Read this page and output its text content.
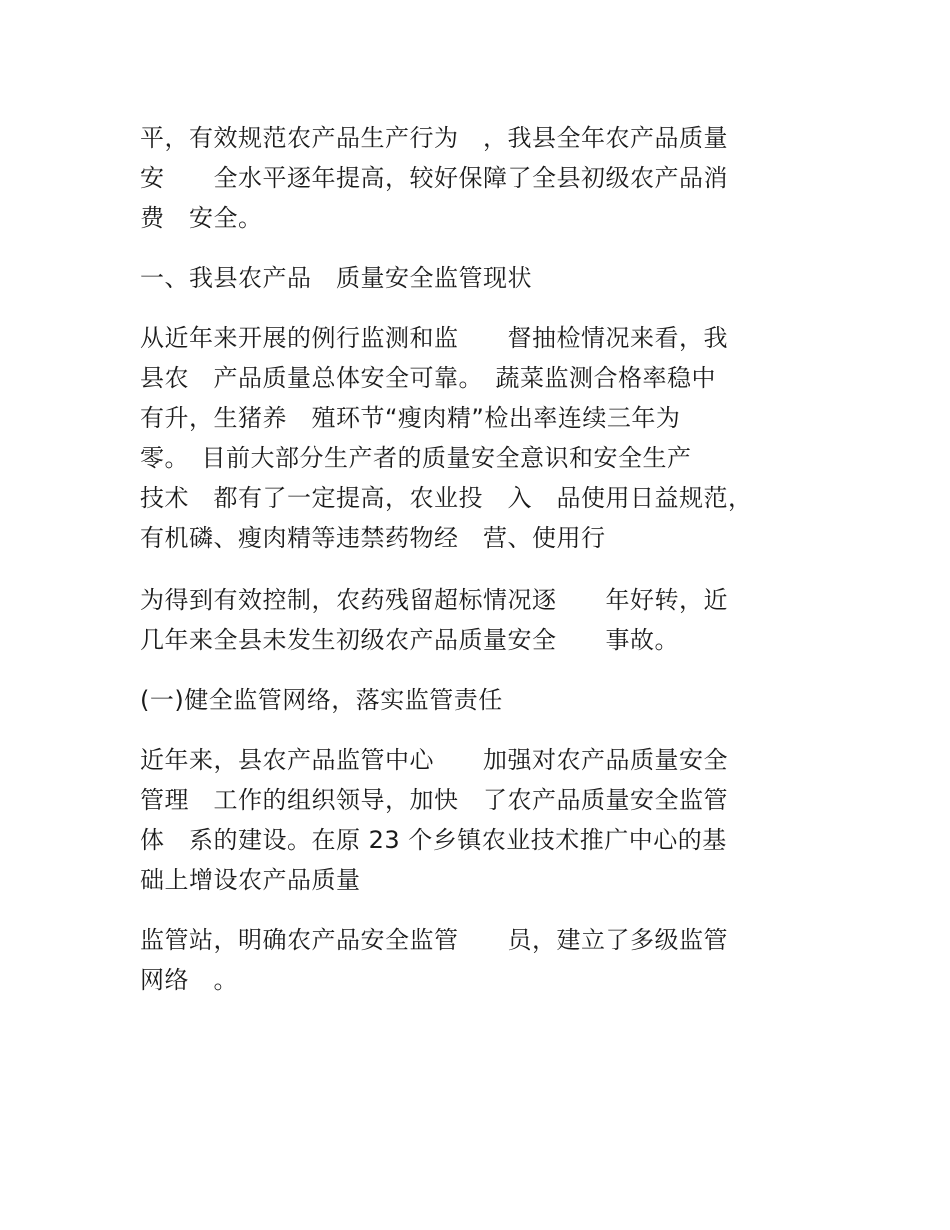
平，有效规范农产品生产行为　，我县全年农产品质量
安　　全水平逐年提高，较好保障了全县初级农产品消
费　安全。
一、我县农产品　质量安全监管现状
从近年来开展的例行监测和监　　督抽检情况来看，我
县农　产品质量总体安全可靠。　蔬菜监测合格率稳中
有升，生猪养　殖环节“瘦肉精”检出率连续三年为
零。　目前大部分生产者的质量安全意识和安全生产
技术　都有了一定提高，农业投　入　品使用日益规范，
有机磷、瘦肉精等违禁药物经　营、使用行
为得到有效控制，农药残留超标情况逐　　年好转，近
几年来全县未发生初级农产品质量安全　　事故。
(一)健全监管网络，落实监管责任
近年来，县农产品监管中心　　加强对农产品质量安全
管理　工作的组织领导，加快　了农产品质量安全监管
体　系的建设。在原 23 个乡镇农业技术推广中心的基
础上增设农产品质量
监管站，明确农产品安全监管　　员，建立了多级监管
网络　。
